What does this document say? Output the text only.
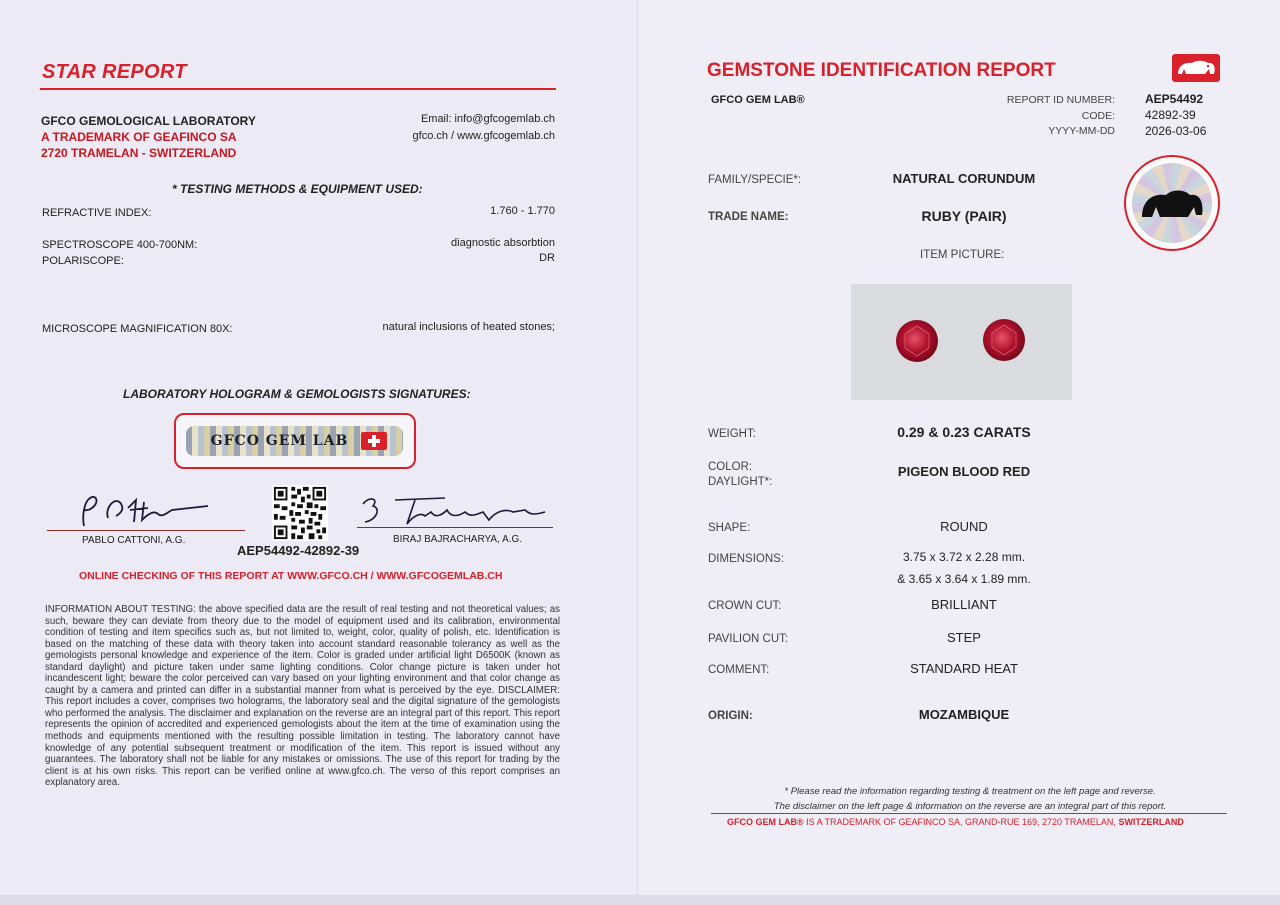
STAR REPORT
GFCO GEMOLOGICAL LABORATORY
A TRADEMARK OF GEAFINCO SA
2720 TRAMELAN - SWITZERLAND
Email: info@gfcogemlab.ch
gfco.ch / www.gfcogemlab.ch
* TESTING METHODS & EQUIPMENT USED:
REFRACTIVE INDEX:	1.760 - 1.770
SPECTROSCOPE 400-700NM:	diagnostic absorbtion
POLARISCOPE:	DR
MICROSCOPE MAGNIFICATION 80X:	natural inclusions of heated stones;
LABORATORY HOLOGRAM & GEMOLOGISTS SIGNATURES:
GFCO GEM LAB
PABLO CATTONI, A.G.	BIRAJ BAJRACHARYA, A.G.
AEP54492-42892-39
ONLINE CHECKING OF THIS REPORT AT WWW.GFCO.CH / WWW.GFCOGEMLAB.CH
INFORMATION ABOUT TESTING: the above specified data are the result of real testing and not theoretical values; as such, beware they can deviate from theory due to the model of equipment used and its calibration, environmental condition of testing and item specifics such as, but not limited to, weight, color, quality of polish, etc. Identification is based on the matching of these data with theory taken into account standard reasonable tolerancy as well as the gemologists personal knowledge and experience of the item. Color is graded under artificial light D6500K (known as standard daylight) and picture taken under same lighting conditions. Color change picture is taken under hot incandescent light; beware the color perceived can vary based on your lighting environment and that color change as caught by a camera and printed can differ in a substantial manner from what is perceived by the eye. DISCLAIMER: This report includes a cover, comprises two holograms, the laboratory seal and the digital signature of the gemologists who performed the analysis. The disclaimer and explanation on the reverse are an integral part of this report. This report represents the opinion of accredited and experienced gemologists about the item at the time of examination using the methods and equipments mentioned with the resulting possible limitation in testing. The laboratory cannot have knowledge of any potential subsequent treatment or modification of the item. This report is issued without any guarantees. The laboratory shall not be liable for any mistakes or omissions. The use of this report for trading by the client is at his own risks. This report can be verified online at www.gfco.ch. The verso of this report comprises an explanatory area.
GEMSTONE IDENTIFICATION REPORT
GFCO GEM LAB®	REPORT ID NUMBER:	AEP54492
CODE:	42892-39
YYYY-MM-DD	2026-03-06
FAMILY/SPECIE*:	NATURAL CORUNDUM
TRADE NAME:	RUBY (PAIR)
ITEM PICTURE:
WEIGHT:	0.29 & 0.23 CARATS
COLOR:
DAYLIGHT*:
PIGEON BLOOD RED
SHAPE:	ROUND
DIMENSIONS:	3.75 x 3.72 x 2.28 mm.
& 3.65 x 3.64 x 1.89 mm.
CROWN CUT:	BRILLIANT
PAVILION CUT:	STEP
COMMENT:	STANDARD HEAT
ORIGIN:	MOZAMBIQUE
* Please read the information regarding testing & treatment on the left page and reverse.
The disclaimer on the left page & information on the reverse are an integral part of this report.
GFCO GEM LAB® IS A TRADEMARK OF GEAFINCO SA, GRAND-RUE 169, 2720 TRAMELAN, SWITZERLAND
